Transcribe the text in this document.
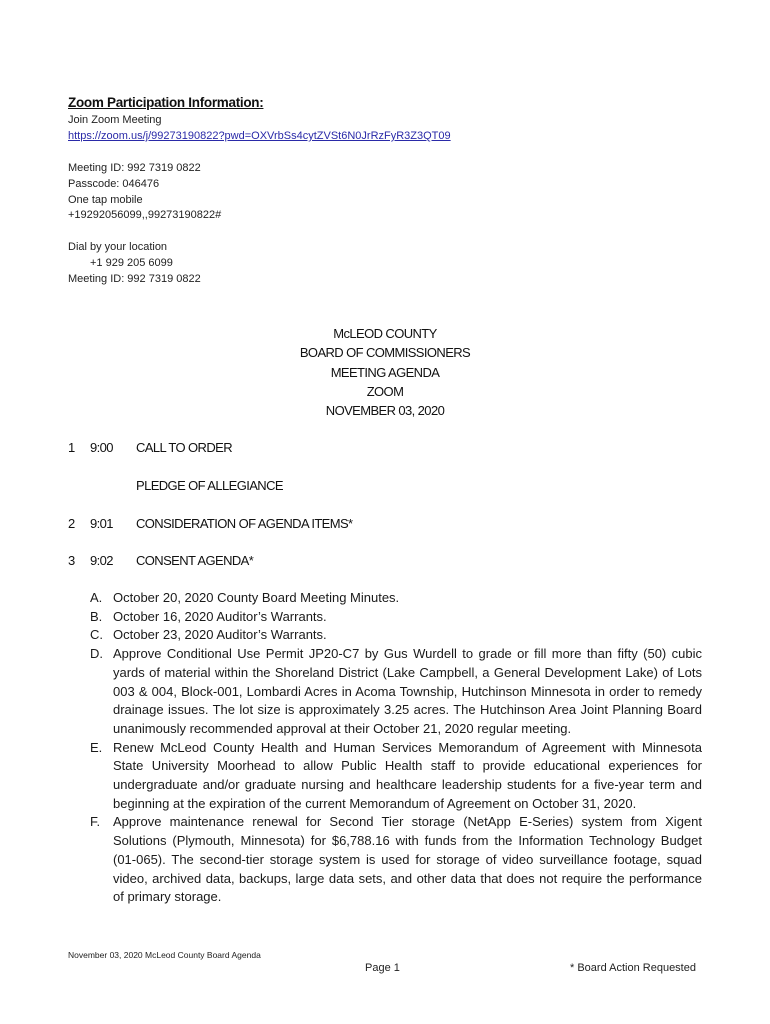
Zoom Participation Information:
Join Zoom Meeting
https://zoom.us/j/99273190822?pwd=OXVrbSs4cytZVSt6N0JrRzFyR3Z3QT09
Meeting ID: 992 7319 0822
Passcode: 046476
One tap mobile
+19292056099,,99273190822#
Dial by your location
+1 929 205 6099
Meeting ID: 992 7319 0822
McLEOD COUNTY
BOARD OF COMMISSIONERS
MEETING AGENDA
ZOOM
NOVEMBER 03, 2020
1 9:00 CALL TO ORDER
PLEDGE OF ALLEGIANCE
2 9:01 CONSIDERATION OF AGENDA ITEMS*
3 9:02 CONSENT AGENDA*
A. October 20, 2020 County Board Meeting Minutes.
B. October 16, 2020 Auditor’s Warrants.
C. October 23, 2020 Auditor’s Warrants.
D. Approve Conditional Use Permit JP20-C7 by Gus Wurdell to grade or fill more than fifty (50) cubic yards of material within the Shoreland District (Lake Campbell, a General Development Lake) of Lots 003 & 004, Block-001, Lombardi Acres in Acoma Township, Hutchinson Minnesota in order to remedy drainage issues. The lot size is approximately 3.25 acres. The Hutchinson Area Joint Planning Board unanimously recommended approval at their October 21, 2020 regular meeting.
E. Renew McLeod County Health and Human Services Memorandum of Agreement with Minnesota State University Moorhead to allow Public Health staff to provide educational experiences for undergraduate and/or graduate nursing and healthcare leadership students for a five-year term and beginning at the expiration of the current Memorandum of Agreement on October 31, 2020.
F. Approve maintenance renewal for Second Tier storage (NetApp E-Series) system from Xigent Solutions (Plymouth, Minnesota) for $6,788.16 with funds from the Information Technology Budget (01-065). The second-tier storage system is used for storage of video surveillance footage, squad video, archived data, backups, large data sets, and other data that does not require the performance of primary storage.
November 03, 2020 McLeod County Board Agenda
Page 1	* Board Action Requested
